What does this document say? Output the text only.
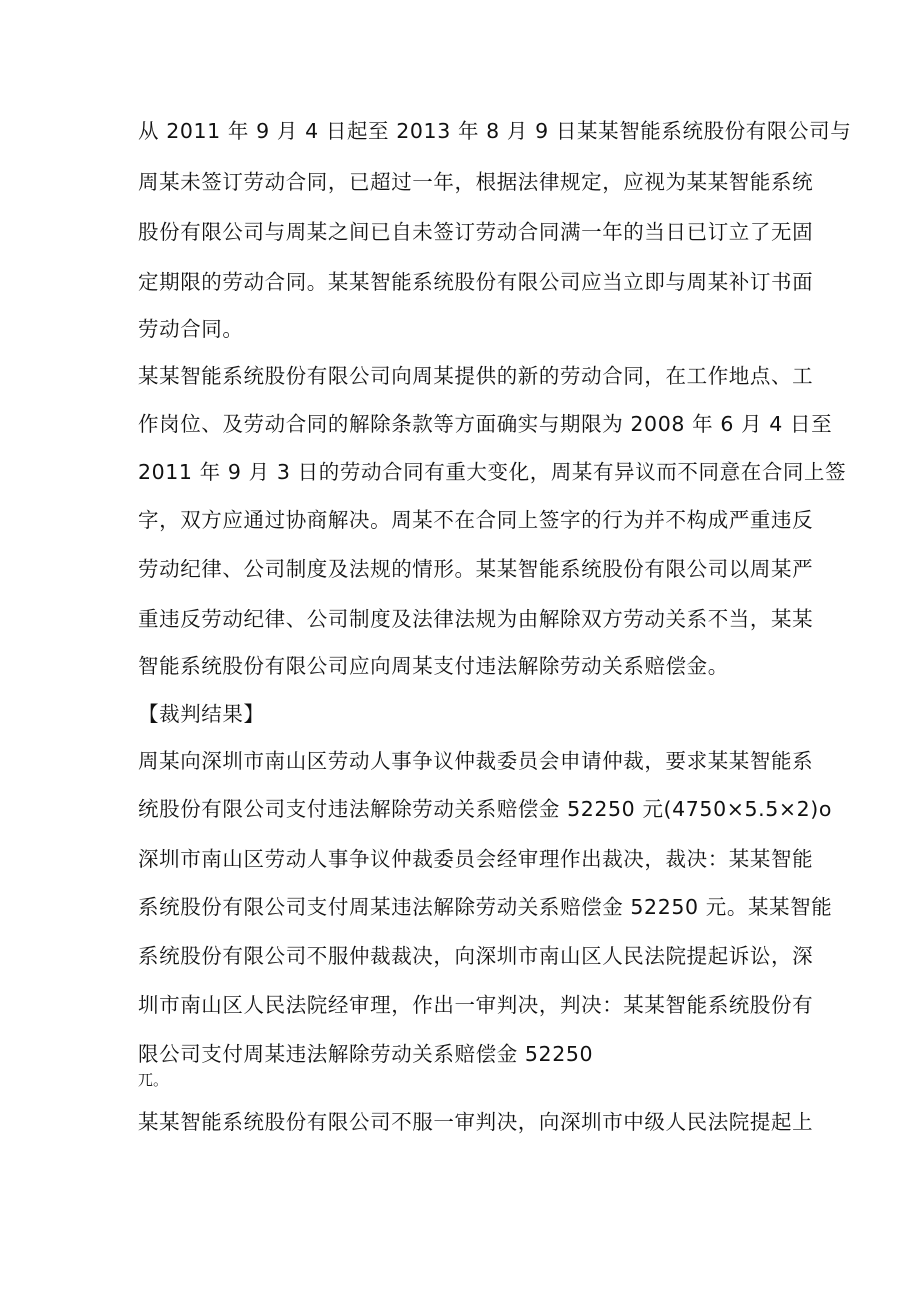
从 2011 年 9 月 4 日起至 2013 年 8 月 9 日某某智能系统股份有限公司与
周某未签订劳动合同，已超过一年，根据法律规定，应视为某某智能系统
股份有限公司与周某之间已自未签订劳动合同满一年的当日已订立了无固
定期限的劳动合同。某某智能系统股份有限公司应当立即与周某补订书面
劳动合同。
某某智能系统股份有限公司向周某提供的新的劳动合同，在工作地点、工
作岗位、及劳动合同的解除条款等方面确实与期限为 2008 年 6 月 4 日至
2011 年 9 月 3 日的劳动合同有重大变化，周某有异议而不同意在合同上签
字，双方应通过协商解决。周某不在合同上签字的行为并不构成严重违反
劳动纪律、公司制度及法规的情形。某某智能系统股份有限公司以周某严
重违反劳动纪律、公司制度及法律法规为由解除双方劳动关系不当，某某
智能系统股份有限公司应向周某支付违法解除劳动关系赔偿金。
【裁判结果】
周某向深圳市南山区劳动人事争议仲裁委员会申请仲裁，要求某某智能系
统股份有限公司支付违法解除劳动关系赔偿金 52250 元(4750×5.5×2)o
深圳市南山区劳动人事争议仲裁委员会经审理作出裁决，裁决：某某智能
系统股份有限公司支付周某违法解除劳动关系赔偿金 52250 元。某某智能
系统股份有限公司不服仲裁裁决，向深圳市南山区人民法院提起诉讼，深
圳市南山区人民法院经审理，作出一审判决，判决：某某智能系统股份有
限公司支付周某违法解除劳动关系赔偿金 52250
兀。
某某智能系统股份有限公司不服一审判决，向深圳市中级人民法院提起上
